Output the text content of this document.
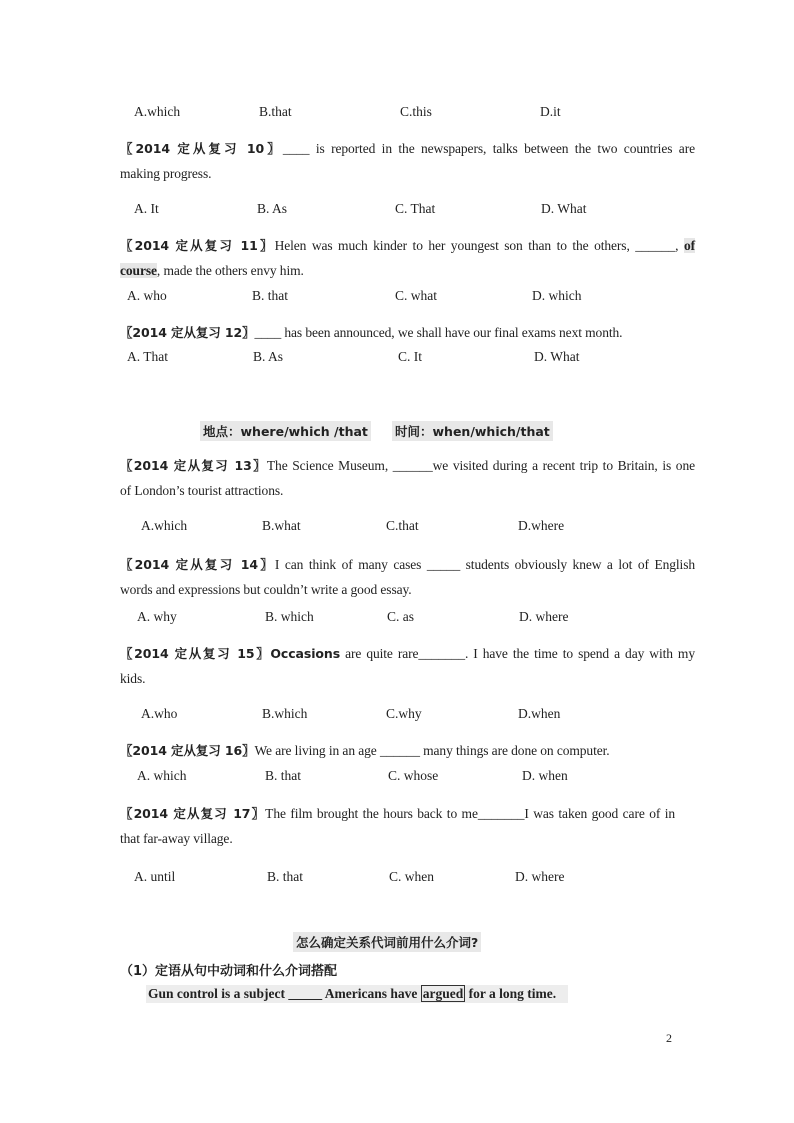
A.which	B.that	C.this	D.it
〖2014 定从复习 10〗____ is reported in the newspapers, talks between the two countries are
making progress.
A. It	B. As	C. That	D. What
〖2014 定从复习 11〗Helen was much kinder to her youngest son than to the others, ______, of
course, made the others envy him.
A. who	B. that	C. what	D. which
〖2014 定从复习 12〗____ has been announced, we shall have our final exams next month.
A. That	B. As	C. It	D. What
地点：where/which /that 时间：when/which/that
〖2014 定从复习 13〗The Science Museum, ______we visited during a recent trip to Britain, is one
of London’s tourist attractions.
A.which	B.what	C.that	D.where
〖2014 定从复习 14〗I can think of many cases _____ students obviously knew a lot of English
words and expressions but couldn’t write a good essay.
A. why	B. which	C. as	D. where
〖2014 定从复习 15〗Occasions are quite rare_______. I have the time to spend a day with my
kids.
A.who	B.which	C.why	D.when
〖2014 定从复习 16〗We are living in an age ______ many things are done on computer.
A. which	B. that	C. whose	D. when
〖2014 定从复习 17〗The film brought the hours back to me_______I was taken good care of in
that far-away village.
A. until	B. that	C. when	D. where
怎么确定关系代词前用什么介词?
（1）定语从句中动词和什么介词搭配
Gun control is a subject _____ Americans have argued for a long time.
2
